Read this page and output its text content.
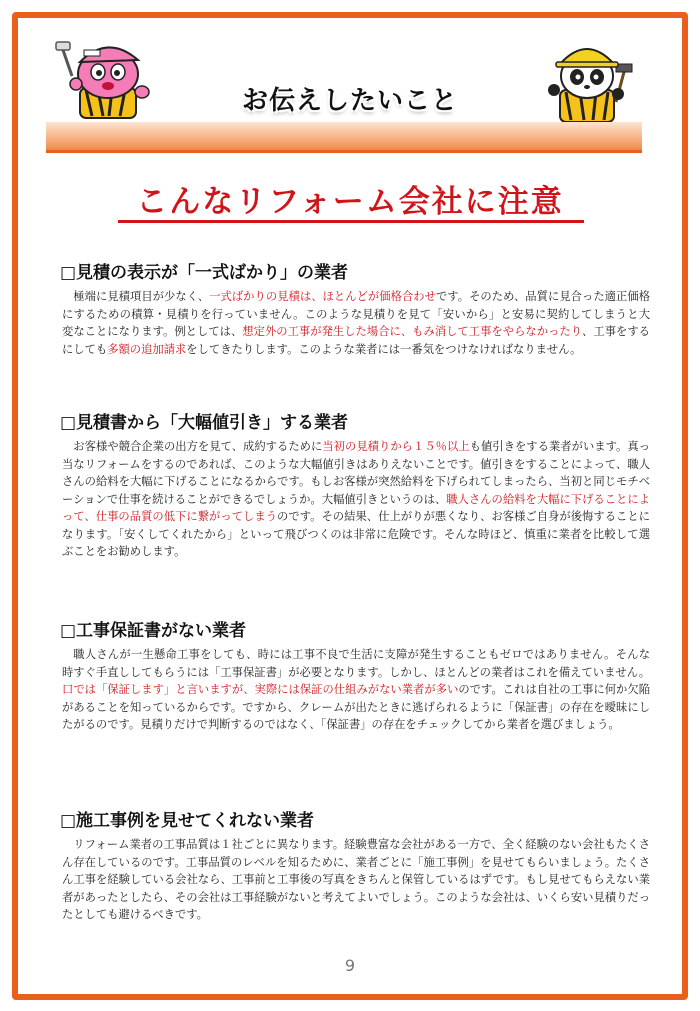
お伝えしたいこと
こんなリフォーム会社に注意
□見積の表示が「一式ばかり」の業者

極端に見積項目が少なく、一式ばかりの見積は、ほとんどが価格合わせです。そのため、品質に見合った適正価格にするための積算・見積りを行っていません。このような見積りを見て「安いから」と安易に契約してしまうと大変なことになります。例としては、想定外の工事が発生した場合に、もみ消して工事をやらなかったり、工事をするにしても多額の追加請求をしてきたりします。このような業者には一番気をつけなければなりません。

□見積書から「大幅値引き」する業者

お客様や競合企業の出方を見て、成約するために当初の見積りから１５％以上も値引きをする業者がいます。真っ当なリフォームをするのであれば、このような大幅値引きはありえないことです。値引きをすることによって、職人さんの給料を大幅に下げることになるからです。もしお客様が突然給料を下げられてしまったら、当初と同じモチベーションで仕事を続けることができるでしょうか。大幅値引きというのは、職人さんの給料を大幅に下げることによって、仕事の品質の低下に繋がってしまうのです。その結果、仕上がりが悪くなり、お客様ご自身が後悔することになります。「安くしてくれたから」といって飛びつくのは非常に危険です。そんな時ほど、慎重に業者を比較して選ぶことをお勧めします。

□工事保証書がない業者

職人さんが一生懸命工事をしても、時には工事不良で生活に支障が発生することもゼロではありません。そんな時すぐ手直ししてもらうには「工事保証書」が必要となります。しかし、ほとんどの業者はこれを備えていません。口では「保証します」と言いますが、実際には保証の仕組みがない業者が多いのです。これは自社の工事に何か欠陥があることを知っているからです。ですから、クレームが出たときに逃げられるように「保証書」の存在を曖昧にしたがるのです。見積りだけで判断するのではなく、「保証書」の存在をチェックしてから業者を選びましょう。

□施工事例を見せてくれない業者

リフォーム業者の工事品質は１社ごとに異なります。経験豊富な会社がある一方で、全く経験のない会社もたくさん存在しているのです。工事品質のレベルを知るために、業者ごとに「施工事例」を見せてもらいましょう。たくさん工事を経験している会社なら、工事前と工事後の写真をきちんと保管しているはずです。もし見せてもらえない業者があったとしたら、その会社は工事経験がないと考えてよいでしょう。このような会社は、いくら安い見積りだったとしても避けるべきです。

9
